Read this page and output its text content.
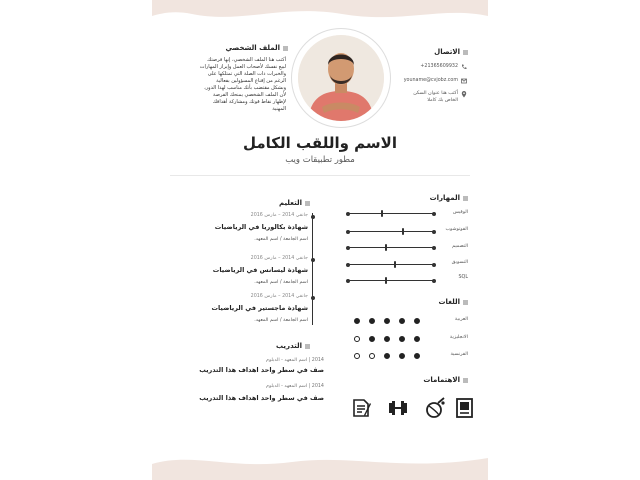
الملف الشخصي
أكتب هنا الملف الشخصي، إنها فرصتك
لبيع نفسك لأصحاب العمل وإبراز المهارات
والخبرات ذات الصلة التي تمتلكها على
الرغم من إقناع المسؤولين بفعالية
وبشكل مقتضب بأنك مناسب لهذا الدور،
لأن الملف الشخصي يمنحك الفرصة
لإظهار نقاط قوتك ومشاركة أهدافك
المهنية
الاتصال
+21365609932
youname@cvjobz.com
أكتب هنا عنوان السكن
الخاص بك كاملا
الاسم واللقب الكامل
مطور تطبيقات ويب
التعليم
جانفي 2014 – مارس 2016
شهادة بكالوريا في الرياضيات
اسم الجامعة / اسم المعهد.
جانفي 2014 – مارس 2016
شهادة ليسانس في الرياضيات
اسم الجامعة / اسم المعهد.
جانفي 2014 – مارس 2016
شهادة ماجستير في الرياضيات
اسم الجامعة / اسم المعهد.
التدريب
2014 | اسم المعهد - الدبلوم
صف في سطر واحد اهداف هذا التدريب
2014 | اسم المعهد - الدبلوم
صف في سطر واحد اهداف هذا التدريب
المهارات
الوفيس
الفوتوشوب
التصميم
التسويق
SQL
اللغات
العربية
الانجليزية
الفرنسية
الاهتمامات
